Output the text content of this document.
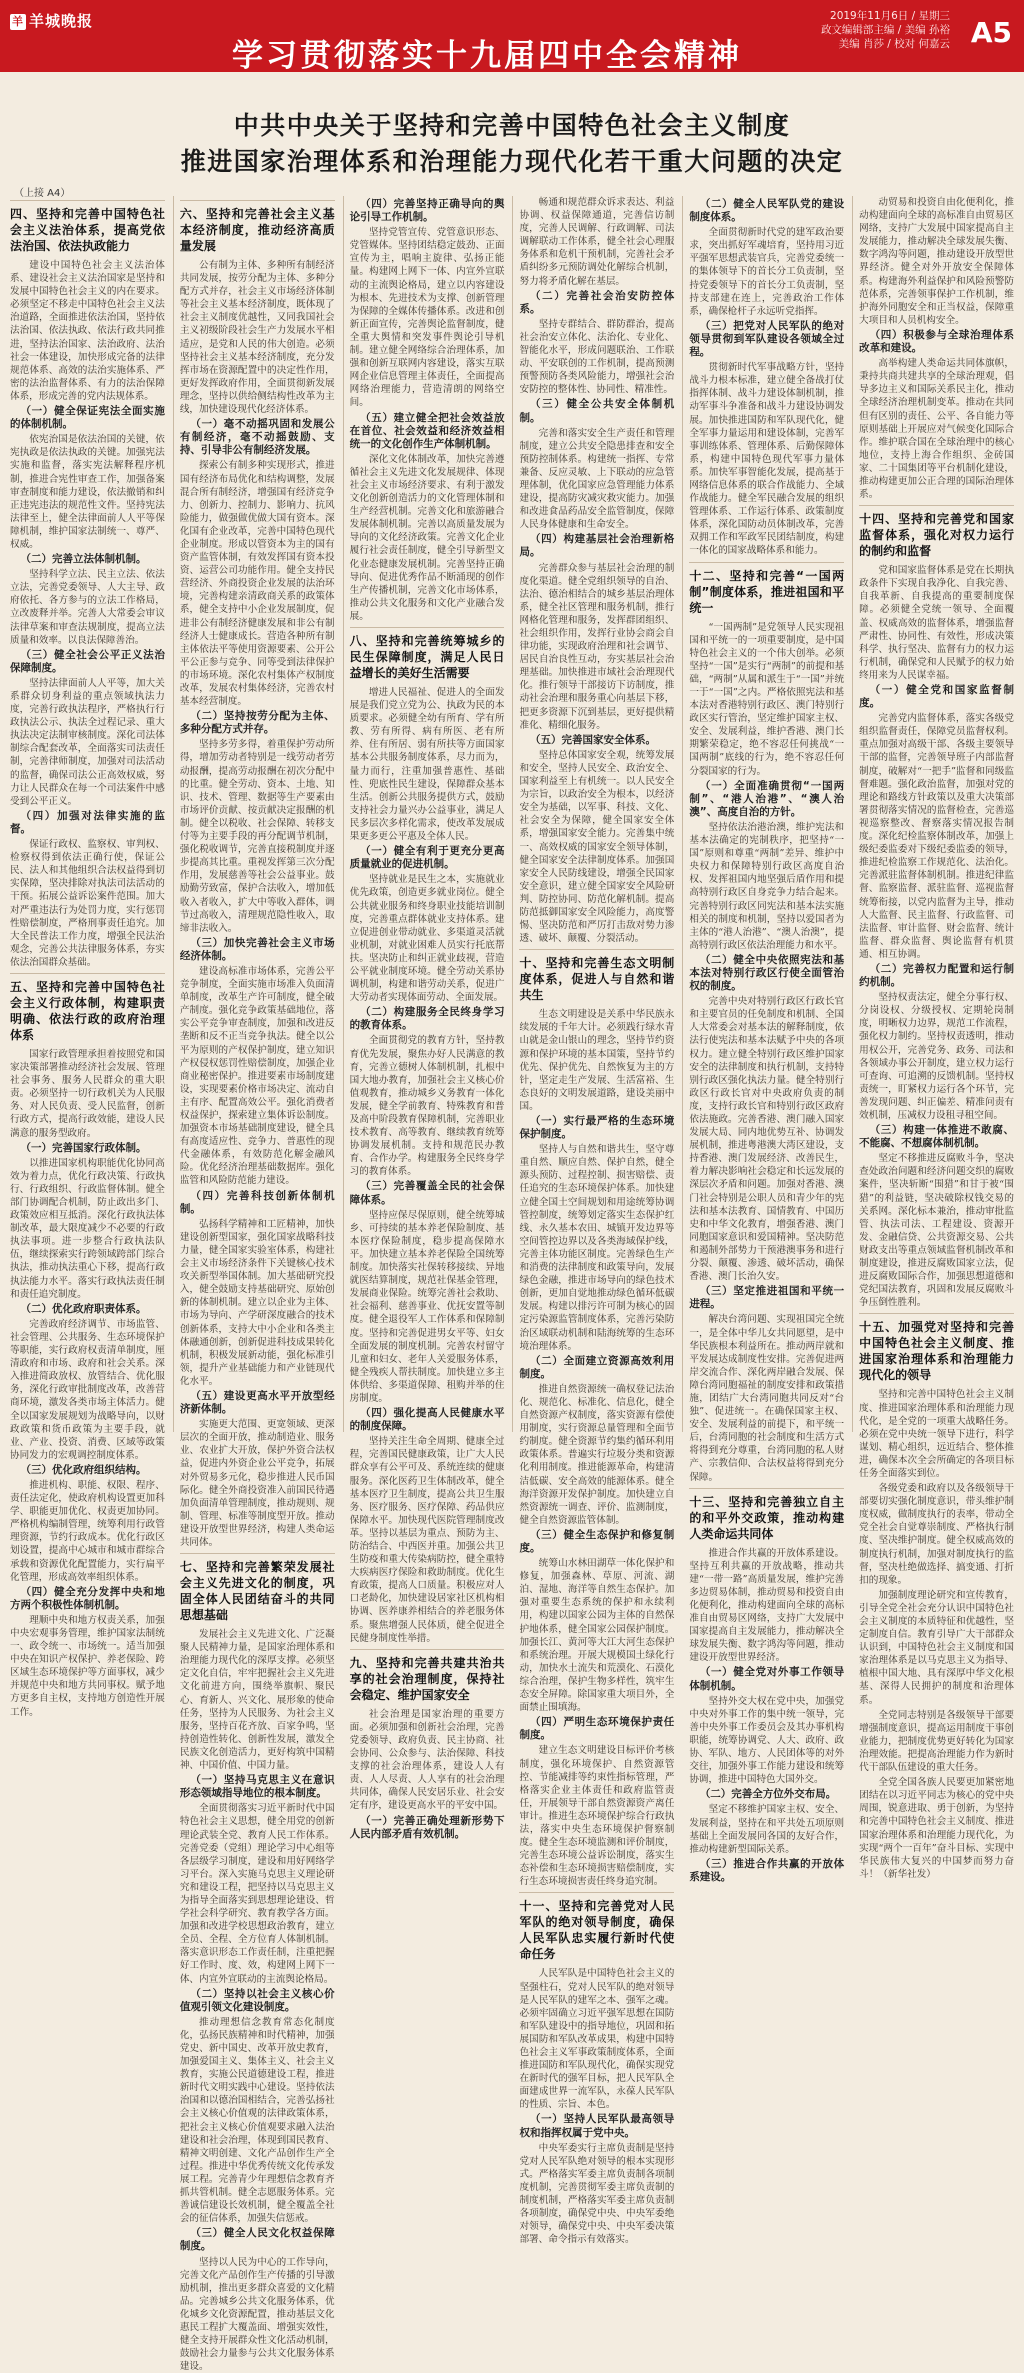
羊 羊城晚报
学习贯彻落实十九届四中全会精神
2019年11月6日 / 星期三
政文编辑部主编 / 美编 孙裕
美编 肖莎 / 校对 何嘉云 A5
中共中央关于坚持和完善中国特色社会主义制度
推进国家治理体系和治理能力现代化若干重大问题的决定
（上接 A4）
四、坚持和完善中国特色社会主义法治体系，提高党依法治国、依法执政能力
建设中国特色社会主义法治体系、建设社会主义法治国家是坚持和发展中国特色社会主义的内在要求。必须坚定不移走中国特色社会主义法治道路，全面推进依法治国，坚持依法治国、依法执政、依法行政共同推进，坚持法治国家、法治政府、法治社会一体建设，加快形成完备的法律规范体系、高效的法治实施体系、严密的法治监督体系、有力的法治保障体系，形成完善的党内法规体系。
（一）健全保证宪法全面实施的体制机制。
依宪治国是依法治国的关键，依宪执政是依法执政的关键。加强宪法实施和监督，落实宪法解释程序机制，推进合宪性审查工作，加强备案审查制度和能力建设，依法撤销和纠正违宪违法的规范性文件。坚持宪法法律至上，健全法律面前人人平等保障机制，维护国家法制统一、尊严、权威。
（二）完善立法体制机制。
坚持科学立法、民主立法、依法立法，完善党委领导、人大主导、政府依托、各方参与的立法工作格局，立改废释并举。完善人大常委会审议法律草案和审查法规制度，提高立法质量和效率。以良法保障善治。
（三）健全社会公平正义法治保障制度。
坚持法律面前人人平等，加大关系群众切身利益的重点领域执法力度，完善行政执法程序，严格执行行政执法公示、执法全过程记录、重大执法决定法制审核制度。深化司法体制综合配套改革，全面落实司法责任制，完善律师制度，加强对司法活动的监督，确保司法公正高效权威，努力让人民群众在每一个司法案件中感受到公平正义。
（四）加强对法律实施的监督。
保证行政权、监察权、审判权、检察权得到依法正确行使，保证公民、法人和其他组织合法权益得到切实保障，坚决排除对执法司法活动的干预。拓展公益诉讼案件范围。加大对严重违法行为处罚力度，实行惩罚性赔偿制度，严格刑事责任追究。加大全民普法工作力度，增强全民法治观念，完善公共法律服务体系，夯实依法治国群众基础。
五、坚持和完善中国特色社会主义行政体制，构建职责明确、依法行政的政府治理体系
国家行政管理承担着按照党和国家决策部署推动经济社会发展、管理社会事务、服务人民群众的重大职责。必须坚持一切行政机关为人民服务、对人民负责、受人民监督，创新行政方式，提高行政效能，建设人民满意的服务型政府。
（一）完善国家行政体制。
以推进国家机构职能优化协同高效为着力点，优化行政决策、行政执行、行政组织、行政监督体制。健全部门协调配合机制，防止政出多门、政策效应相互抵消。深化行政执法体制改革，最大限度减少不必要的行政执法事项。进一步整合行政执法队伍，继续探索实行跨领域跨部门综合执法，推动执法重心下移，提高行政执法能力水平。落实行政执法责任制和责任追究制度。
（二）优化政府职责体系。
完善政府经济调节、市场监管、社会管理、公共服务、生态环境保护等职能，实行政府权责清单制度，厘清政府和市场、政府和社会关系。深入推进简政放权、放管结合、优化服务，深化行政审批制度改革，改善营商环境，激发各类市场主体活力。健全以国家发展规划为战略导向，以财政政策和货币政策为主要手段，就业、产业、投资、消费、区域等政策协同发力的宏观调控制度体系。
（三）优化政府组织结构。
推进机构、职能、权限、程序、责任法定化，使政府机构设置更加科学、职能更加优化、权责更加协同。严格机构编制管理，统筹利用行政管理资源，节约行政成本。优化行政区划设置，提高中心城市和城市群综合承载和资源优化配置能力，实行扁平化管理，形成高效率组织体系。
（四）健全充分发挥中央和地方两个积极性体制机制。
理顺中央和地方权责关系，加强中央宏观事务管理，维护国家法制统一、政令统一、市场统一。适当加强中央在知识产权保护、养老保险、跨区域生态环境保护等方面事权，减少并规范中央和地方共同事权。赋予地方更多自主权，支持地方创造性开展工作。
六、坚持和完善社会主义基本经济制度，推动经济高质量发展
公有制为主体、多种所有制经济共同发展，按劳分配为主体、多种分配方式并存，社会主义市场经济体制等社会主义基本经济制度，既体现了社会主义制度优越性，又同我国社会主义初级阶段社会生产力发展水平相适应，是党和人民的伟大创造。必须坚持社会主义基本经济制度，充分发挥市场在资源配置中的决定性作用，更好发挥政府作用，全面贯彻新发展理念，坚持以供给侧结构性改革为主线，加快建设现代化经济体系。
（一）毫不动摇巩固和发展公有制经济，毫不动摇鼓励、支持、引导非公有制经济发展。
探索公有制多种实现形式，推进国有经济布局优化和结构调整，发展混合所有制经济，增强国有经济竞争力、创新力、控制力、影响力、抗风险能力，做强做优做大国有资本。深化国有企业改革，完善中国特色现代企业制度。形成以管资本为主的国有资产监管体制，有效发挥国有资本投资、运营公司功能作用。健全支持民营经济、外商投资企业发展的法治环境，完善构建亲清政商关系的政策体系，健全支持中小企业发展制度，促进非公有制经济健康发展和非公有制经济人士健康成长。营造各种所有制主体依法平等使用资源要素、公开公平公正参与竞争、同等受到法律保护的市场环境。深化农村集体产权制度改革，发展农村集体经济，完善农村基本经营制度。
（二）坚持按劳分配为主体、多种分配方式并存。
坚持多劳多得，着重保护劳动所得，增加劳动者特别是一线劳动者劳动报酬，提高劳动报酬在初次分配中的比重。健全劳动、资本、土地、知识、技术、管理、数据等生产要素由市场评价贡献、按贡献决定报酬的机制。健全以税收、社会保障、转移支付等为主要手段的再分配调节机制，强化税收调节，完善直接税制度并逐步提高其比重。重视发挥第三次分配作用，发展慈善等社会公益事业。鼓励勤劳致富，保护合法收入，增加低收入者收入，扩大中等收入群体，调节过高收入，清理规范隐性收入，取缔非法收入。
（三）加快完善社会主义市场经济体制。
建设高标准市场体系，完善公平竞争制度，全面实施市场准入负面清单制度，改革生产许可制度，健全破产制度。强化竞争政策基础地位，落实公平竞争审查制度，加强和改进反垄断和反不正当竞争执法。健全以公平为原则的产权保护制度，建立知识产权侵权惩罚性赔偿制度，加强企业商业秘密保护。推进要素市场制度建设，实现要素价格市场决定、流动自主有序、配置高效公平。强化消费者权益保护，探索建立集体诉讼制度。加强资本市场基础制度建设，健全具有高度适应性、竞争力、普惠性的现代金融体系，有效防范化解金融风险。优化经济治理基础数据库。强化监管和风险防范能力建设。
（四）完善科技创新体制机制。
弘扬科学精神和工匠精神，加快建设创新型国家，强化国家战略科技力量，健全国家实验室体系，构建社会主义市场经济条件下关键核心技术攻关新型举国体制。加大基础研究投入，健全鼓励支持基础研究、原始创新的体制机制。建立以企业为主体、市场为导向、产学研深度融合的技术创新体系，支持大中小企业和各类主体融通创新，创新促进科技成果转化机制，积极发展新动能，强化标准引领，提升产业基础能力和产业链现代化水平。
（五）建设更高水平开放型经济新体制。
实施更大范围、更宽领域、更深层次的全面开放，推动制造业、服务业、农业扩大开放，保护外资合法权益，促进内外资企业公平竞争，拓展对外贸易多元化，稳步推进人民币国际化。健全外商投资准入前国民待遇加负面清单管理制度，推动规则、规制、管理、标准等制度型开放。推动建设开放型世界经济，构建人类命运共同体。
七、坚持和完善繁荣发展社会主义先进文化的制度，巩固全体人民团结奋斗的共同思想基础
发展社会主义先进文化、广泛凝聚人民精神力量，是国家治理体系和治理能力现代化的深厚支撑。必须坚定文化自信，牢牢把握社会主义先进文化前进方向，围绕举旗帜、聚民心、育新人、兴文化、展形象的使命任务，坚持为人民服务、为社会主义服务，坚持百花齐放、百家争鸣，坚持创造性转化、创新性发展，激发全民族文化创造活力，更好构筑中国精神、中国价值、中国力量。
（一）坚持马克思主义在意识形态领域指导地位的根本制度。
全面贯彻落实习近平新时代中国特色社会主义思想，健全用党的创新理论武装全党、教育人民工作体系。完善党委（党组）理论学习中心组等各层级学习制度，建设和用好网络学习平台。深入实施马克思主义理论研究和建设工程，把坚持以马克思主义为指导全面落实到思想理论建设、哲学社会科学研究、教育教学各方面。加强和改进学校思想政治教育，建立全员、全程、全方位育人体制机制。落实意识形态工作责任制，注重把握好工作时、度、效，构建网上网下一体、内宣外宣联动的主流舆论格局。
（二）坚持以社会主义核心价值观引领文化建设制度。
推动理想信念教育常态化制度化，弘扬民族精神和时代精神，加强党史、新中国史、改革开放史教育，加强爱国主义、集体主义、社会主义教育，实施公民道德建设工程，推进新时代文明实践中心建设。坚持依法治国和以德治国相结合，完善弘扬社会主义核心价值观的法律政策体系，把社会主义核心价值观要求融入法治建设和社会治理，体现到国民教育、精神文明创建、文化产品创作生产全过程。推进中华优秀传统文化传承发展工程。完善青少年理想信念教育齐抓共管机制。健全志愿服务体系。完善诚信建设长效机制，健全覆盖全社会的征信体系，加强失信惩戒。
（三）健全人民文化权益保障制度。
坚持以人民为中心的工作导向，完善文化产品创作生产传播的引导激励机制，推出更多群众喜爱的文化精品。完善城乡公共文化服务体系，优化城乡文化资源配置，推动基层文化惠民工程扩大覆盖面、增强实效性，健全支持开展群众性文化活动机制，鼓励社会力量参与公共文化服务体系建设。
（四）完善坚持正确导向的舆论引导工作机制。
坚持党管宣传、党管意识形态、党管媒体。坚持团结稳定鼓劲、正面宣传为主，唱响主旋律、弘扬正能量。构建网上网下一体、内宣外宣联动的主流舆论格局，建立以内容建设为根本、先进技术为支撑、创新管理为保障的全媒体传播体系。改进和创新正面宣传，完善舆论监督制度，健全重大舆情和突发事件舆论引导机制。建立健全网络综合治理体系，加强和创新互联网内容建设，落实互联网企业信息管理主体责任，全面提高网络治理能力，营造清朗的网络空间。
（五）建立健全把社会效益放在首位、社会效益和经济效益相统一的文化创作生产体制机制。
深化文化体制改革，加快完善遵循社会主义先进文化发展规律、体现社会主义市场经济要求、有利于激发文化创新创造活力的文化管理体制和生产经营机制。完善文化和旅游融合发展体制机制。完善以高质量发展为导向的文化经济政策。完善文化企业履行社会责任制度，健全引导新型文化业态健康发展机制。完善坚持正确导向、促进优秀作品不断涌现的创作生产传播机制，完善文化市场体系，推动公共文化服务和文化产业融合发展。
八、坚持和完善统筹城乡的民生保障制度，满足人民日益增长的美好生活需要
增进人民福祉、促进人的全面发展是我们党立党为公、执政为民的本质要求。必须健全幼有所育、学有所教、劳有所得、病有所医、老有所养、住有所居、弱有所扶等方面国家基本公共服务制度体系，尽力而为，量力而行，注重加强普惠性、基础性、兜底性民生建设，保障群众基本生活。创新公共服务提供方式，鼓励支持社会力量兴办公益事业，满足人民多层次多样化需求，使改革发展成果更多更公平惠及全体人民。
（一）健全有利于更充分更高质量就业的促进机制。
坚持就业是民生之本，实施就业优先政策，创造更多就业岗位。健全公共就业服务和终身职业技能培训制度，完善重点群体就业支持体系。建立促进创业带动就业、多渠道灵活就业机制，对就业困难人员实行托底帮扶。坚决防止和纠正就业歧视，营造公平就业制度环境。健全劳动关系协调机制，构建和谐劳动关系，促进广大劳动者实现体面劳动、全面发展。
（二）构建服务全民终身学习的教育体系。
全面贯彻党的教育方针，坚持教育优先发展，聚焦办好人民满意的教育，完善立德树人体制机制，扎根中国大地办教育，加强社会主义核心价值观教育，推动城乡义务教育一体化发展，健全学前教育、特殊教育和普及高中阶段教育保障机制，完善职业技术教育、高等教育、继续教育统筹协调发展机制。支持和规范民办教育、合作办学。构建服务全民终身学习的教育体系。
（三）完善覆盖全民的社会保障体系。
坚持应保尽保原则，健全统筹城乡、可持续的基本养老保险制度、基本医疗保险制度，稳步提高保障水平。加快建立基本养老保险全国统筹制度。加快落实社保转移接续、异地就医结算制度，规范社保基金管理，发展商业保险。统筹完善社会救助、社会福利、慈善事业、优抚安置等制度。健全退役军人工作体系和保障制度。坚持和完善促进男女平等、妇女全面发展的制度机制。完善农村留守儿童和妇女、老年人关爱服务体系，健全残疾人帮扶制度。加快建立多主体供给、多渠道保障、租购并举的住房制度。
（四）强化提高人民健康水平的制度保障。
坚持关注生命全周期、健康全过程，完善国民健康政策，让广大人民群众享有公平可及、系统连续的健康服务。深化医药卫生体制改革，健全基本医疗卫生制度，提高公共卫生服务、医疗服务、医疗保障、药品供应保障水平。加快现代医院管理制度改革。坚持以基层为重点、预防为主、防治结合、中西医并重。加强公共卫生防疫和重大传染病防控，健全重特大疾病医疗保险和救助制度。优化生育政策，提高人口质量。积极应对人口老龄化，加快建设居家社区机构相协调、医养康养相结合的养老服务体系。聚焦增强人民体质，健全促进全民健身制度性举措。
九、坚持和完善共建共治共享的社会治理制度，保持社会稳定、维护国家安全
社会治理是国家治理的重要方面。必须加强和创新社会治理，完善党委领导、政府负责、民主协商、社会协同、公众参与、法治保障、科技支撑的社会治理体系，建设人人有责、人人尽责、人人享有的社会治理共同体，确保人民安居乐业、社会安定有序，建设更高水平的平安中国。
（一）完善正确处理新形势下人民内部矛盾有效机制。
畅通和规范群众诉求表达、利益协调、权益保障通道，完善信访制度，完善人民调解、行政调解、司法调解联动工作体系，健全社会心理服务体系和危机干预机制，完善社会矛盾纠纷多元预防调处化解综合机制，努力将矛盾化解在基层。
（二）完善社会治安防控体系。
坚持专群结合、群防群治，提高社会治安立体化、法治化、专业化、智能化水平，形成问题联治、工作联动、平安联创的工作机制，提高预测预警预防各类风险能力，增强社会治安防控的整体性、协同性、精准性。
（三）健全公共安全体制机制。
完善和落实安全生产责任和管理制度，建立公共安全隐患排查和安全预防控制体系。构建统一指挥、专常兼备、反应灵敏、上下联动的应急管理体制，优化国家应急管理能力体系建设，提高防灾减灾救灾能力。加强和改进食品药品安全监管制度，保障人民身体健康和生命安全。
（四）构建基层社会治理新格局。
完善群众参与基层社会治理的制度化渠道。健全党组织领导的自治、法治、德治相结合的城乡基层治理体系，健全社区管理和服务机制，推行网格化管理和服务，发挥群团组织、社会组织作用，发挥行业协会商会自律功能，实现政府治理和社会调节、居民自治良性互动，夯实基层社会治理基础。加快推进市域社会治理现代化。推行领导干部接访下访制度，推动社会治理和服务重心向基层下移，把更多资源下沉到基层，更好提供精准化、精细化服务。
（五）完善国家安全体系。
坚持总体国家安全观，统筹发展和安全，坚持人民安全、政治安全、国家利益至上有机统一。以人民安全为宗旨，以政治安全为根本，以经济安全为基础，以军事、科技、文化、社会安全为保障，健全国家安全体系，增强国家安全能力。完善集中统一、高效权威的国家安全领导体制，健全国家安全法律制度体系。加强国家安全人民防线建设，增强全民国家安全意识，建立健全国家安全风险研判、防控协同、防范化解机制。提高防范抵御国家安全风险能力，高度警惕、坚决防范和严厉打击敌对势力渗透、破坏、颠覆、分裂活动。
十、坚持和完善生态文明制度体系，促进人与自然和谐共生
生态文明建设是关系中华民族永续发展的千年大计。必须践行绿水青山就是金山银山的理念，坚持节约资源和保护环境的基本国策，坚持节约优先、保护优先、自然恢复为主的方针，坚定走生产发展、生活富裕、生态良好的文明发展道路，建设美丽中国。
（一）实行最严格的生态环境保护制度。
坚持人与自然和谐共生，坚守尊重自然、顺应自然、保护自然，健全源头预防、过程控制、损害赔偿、责任追究的生态环境保护体系。加快建立健全国土空间规划和用途统筹协调管控制度，统筹划定落实生态保护红线、永久基本农田、城镇开发边界等空间管控边界以及各类海域保护线，完善主体功能区制度。完善绿色生产和消费的法律制度和政策导向，发展绿色金融，推进市场导向的绿色技术创新，更加自觉地推动绿色循环低碳发展。构建以排污许可制为核心的固定污染源监管制度体系，完善污染防治区域联动机制和陆海统筹的生态环境治理体系。
（二）全面建立资源高效利用制度。
推进自然资源统一确权登记法治化、规范化、标准化、信息化，健全自然资源产权制度，落实资源有偿使用制度，实行资源总量管理和全面节约制度。健全资源节约集约循环利用政策体系。普遍实行垃圾分类和资源化利用制度。推进能源革命，构建清洁低碳、安全高效的能源体系。健全海洋资源开发保护制度。加快建立自然资源统一调查、评价、监测制度，健全自然资源监管体制。
（三）健全生态保护和修复制度。
统筹山水林田湖草一体化保护和修复，加强森林、草原、河流、湖泊、湿地、海洋等自然生态保护。加强对重要生态系统的保护和永续利用，构建以国家公园为主体的自然保护地体系，健全国家公园保护制度。加强长江、黄河等大江大河生态保护和系统治理。开展大规模国土绿化行动，加快水土流失和荒漠化、石漠化综合治理，保护生物多样性，筑牢生态安全屏障。除国家重大项目外，全面禁止围填海。
（四）严明生态环境保护责任制度。
建立生态文明建设目标评价考核制度，强化环境保护、自然资源管控、节能减排等约束性指标管理，严格落实企业主体责任和政府监管责任，开展领导干部自然资源资产离任审计。推进生态环境保护综合行政执法，落实中央生态环境保护督察制度。健全生态环境监测和评价制度，完善生态环境公益诉讼制度，落实生态补偿和生态环境损害赔偿制度，实行生态环境损害责任终身追究制。
十一、坚持和完善党对人民军队的绝对领导制度，确保人民军队忠实履行新时代使命任务
人民军队是中国特色社会主义的坚强柱石，党对人民军队的绝对领导是人民军队的建军之本、强军之魂。必须牢固确立习近平强军思想在国防和军队建设中的指导地位，巩固和拓展国防和军队改革成果，构建中国特色社会主义军事政策制度体系，全面推进国防和军队现代化，确保实现党在新时代的强军目标，把人民军队全面建成世界一流军队，永葆人民军队的性质、宗旨、本色。
（一）坚持人民军队最高领导权和指挥权属于党中央。
中央军委实行主席负责制是坚持党对人民军队绝对领导的根本实现形式。严格落实军委主席负责制各项制度机制，完善贯彻军委主席负责制的制度机制，严格落实军委主席负责制各项制度，确保党中央、中央军委绝对领导，确保党中央、中央军委决策部署、命令指示有效落实。
（二）健全人民军队党的建设制度体系。
全面贯彻新时代党的建军政治要求，突出抓好军魂培育，坚持用习近平强军思想武装官兵，完善党委统一的集体领导下的首长分工负责制，坚持党委领导下的首长分工负责制，坚持支部建在连上，完善政治工作体系，确保枪杆子永远听党指挥。
（三）把党对人民军队的绝对领导贯彻到军队建设各领域全过程。
贯彻新时代军事战略方针，坚持战斗力根本标准，建立健全备战打仗指挥体制、战斗力建设体制机制，推动军事斗争准备和战斗力建设协调发展。加快推进国防和军队现代化，健全军事力量运用和建设体制，完善军事训练体系、管理体系、后勤保障体系，构建中国特色现代军事力量体系。加快军事智能化发展，提高基于网络信息体系的联合作战能力、全域作战能力。健全军民融合发展的组织管理体系、工作运行体系、政策制度体系，深化国防动员体制改革，完善双拥工作和军政军民团结制度，构建一体化的国家战略体系和能力。
十二、坚持和完善“一国两制”制度体系，推进祖国和平统一
“一国两制”是党领导人民实现祖国和平统一的一项重要制度，是中国特色社会主义的一个伟大创举。必须坚持“一国”是实行“两制”的前提和基础，“两制”从属和派生于“一国”并统一于“一国”之内。严格依照宪法和基本法对香港特别行政区、澳门特别行政区实行管治，坚定维护国家主权、安全、发展利益，维护香港、澳门长期繁荣稳定，绝不容忍任何挑战“一国两制”底线的行为，绝不容忍任何分裂国家的行为。
（一）全面准确贯彻“一国两制”、“港人治港”、“澳人治澳”、高度自治的方针。
坚持依法治港治澳，维护宪法和基本法确定的宪制秩序，把坚持“一国”原则和尊重“两制”差异、维护中央权力和保障特别行政区高度自治权、发挥祖国内地坚强后盾作用和提高特别行政区自身竞争力结合起来。完善特别行政区同宪法和基本法实施相关的制度和机制，坚持以爱国者为主体的“港人治港”、“澳人治澳”，提高特别行政区依法治理能力和水平。
（二）健全中央依照宪法和基本法对特别行政区行使全面管治权的制度。
完善中央对特别行政区行政长官和主要官员的任免制度和机制、全国人大常委会对基本法的解释制度，依法行使宪法和基本法赋予中央的各项权力。建立健全特别行政区维护国家安全的法律制度和执行机制，支持特别行政区强化执法力量。健全特别行政区行政长官对中央政府负责的制度，支持行政长官和特别行政区政府依法施政。完善香港、澳门融入国家发展大局、同内地优势互补、协调发展机制，推进粤港澳大湾区建设，支持香港、澳门发展经济、改善民生，着力解决影响社会稳定和长远发展的深层次矛盾和问题。加强对香港、澳门社会特别是公职人员和青少年的宪法和基本法教育、国情教育、中国历史和中华文化教育，增强香港、澳门同胞国家意识和爱国精神。坚决防范和遏制外部势力干预港澳事务和进行分裂、颠覆、渗透、破坏活动，确保香港、澳门长治久安。
（三）坚定推进祖国和平统一进程。
解决台湾问题、实现祖国完全统一，是全体中华儿女共同愿望，是中华民族根本利益所在。推动两岸就和平发展达成制度性安排。完善促进两岸交流合作、深化两岸融合发展、保障台湾同胞福祉的制度安排和政策措施，团结广大台湾同胞共同反对“台独”、促进统一。在确保国家主权、安全、发展利益的前提下，和平统一后，台湾同胞的社会制度和生活方式将得到充分尊重，台湾同胞的私人财产、宗教信仰、合法权益将得到充分保障。
十三、坚持和完善独立自主的和平外交政策，推动构建人类命运共同体
推进合作共赢的开放体系建设。坚持互利共赢的开放战略，推动共建“一带一路”高质量发展，维护完善多边贸易体制，推动贸易和投资自由化便利化，推动构建面向全球的高标准自由贸易区网络，支持广大发展中国家提高自主发展能力，推动解决全球发展失衡、数字鸿沟等问题，推动建设开放型世界经济。
（一）健全党对外事工作领导体制机制。
坚持外交大权在党中央，加强党中央对外事工作的集中统一领导，完善中央外事工作委员会及其办事机构职能，统筹协调党、人大、政府、政协、军队、地方、人民团体等的对外交往，加强外事工作能力建设和统筹协调，推进中国特色大国外交。
（二）完善全方位外交布局。
坚定不移维护国家主权、安全、发展利益，坚持在和平共处五项原则基础上全面发展同各国的友好合作，推动构建新型国际关系。
（三）推进合作共赢的开放体系建设。
动贸易和投资自由化便利化，推动构建面向全球的高标准自由贸易区网络，支持广大发展中国家提高自主发展能力，推动解决全球发展失衡、数字鸿沟等问题，推动建设开放型世界经济。健全对外开放安全保障体系。构建海外利益保护和风险预警防范体系，完善领事保护工作机制，维护海外同胞安全和正当权益，保障重大项目和人员机构安全。
（四）积极参与全球治理体系改革和建设。
高举构建人类命运共同体旗帜，秉持共商共建共享的全球治理观，倡导多边主义和国际关系民主化，推动全球经济治理机制变革。推动在共同但有区别的责任、公平、各自能力等原则基础上开展应对气候变化国际合作。维护联合国在全球治理中的核心地位，支持上海合作组织、金砖国家、二十国集团等平台机制化建设，推动构建更加公正合理的国际治理体系。
十四、坚持和完善党和国家监督体系，强化对权力运行的制约和监督
党和国家监督体系是党在长期执政条件下实现自我净化、自我完善、自我革新、自我提高的重要制度保障。必须健全党统一领导、全面覆盖、权威高效的监督体系，增强监督严肃性、协同性、有效性，形成决策科学、执行坚决、监督有力的权力运行机制，确保党和人民赋予的权力始终用来为人民谋幸福。
（一）健全党和国家监督制度。
完善党内监督体系，落实各级党组织监督责任，保障党员监督权利。重点加强对高级干部、各级主要领导干部的监督，完善领导班子内部监督制度，破解对“一把手”监督和同级监督难题。强化政治监督，加强对党的理论和路线方针政策以及重大决策部署贯彻落实情况的监督检查，完善巡视巡察整改、督察落实情况报告制度。深化纪检监察体制改革，加强上级纪委监委对下级纪委监委的领导，推进纪检监察工作规范化、法治化。完善派驻监督体制机制。推进纪律监督、监察监督、派驻监督、巡视监督统筹衔接，以党内监督为主导，推动人大监督、民主监督、行政监督、司法监督、审计监督、财会监督、统计监督、群众监督、舆论监督有机贯通、相互协调。
（二）完善权力配置和运行制约机制。
坚持权责法定，健全分事行权、分岗设权、分级授权、定期轮岗制度，明晰权力边界，规范工作流程，强化权力制约。坚持权责透明，推动用权公开，完善党务、政务、司法和各领域办事公开制度，建立权力运行可查询、可追溯的反馈机制。坚持权责统一，盯紧权力运行各个环节，完善发现问题、纠正偏差、精准问责有效机制，压减权力设租寻租空间。
（三）构建一体推进不敢腐、不能腐、不想腐体制机制。
坚定不移推进反腐败斗争，坚决查处政治问题和经济问题交织的腐败案件，坚决斩断“围猎”和甘于被“围猎”的利益链，坚决破除权钱交易的关系网。深化标本兼治，推动审批监管、执法司法、工程建设、资源开发、金融信贷、公共资源交易、公共财政支出等重点领域监督机制改革和制度建设，推进反腐败国家立法，促进反腐败国际合作，加强思想道德和党纪国法教育，巩固和发展反腐败斗争压倒性胜利。
十五、加强党对坚持和完善中国特色社会主义制度、推进国家治理体系和治理能力现代化的领导
坚持和完善中国特色社会主义制度、推进国家治理体系和治理能力现代化，是全党的一项重大战略任务。必须在党中央统一领导下进行，科学谋划、精心组织，远近结合、整体推进，确保本次全会所确定的各项目标任务全面落实到位。
各级党委和政府以及各级领导干部要切实强化制度意识，带头维护制度权威，做制度执行的表率，带动全党全社会自觉尊崇制度、严格执行制度、坚决维护制度。健全权威高效的制度执行机制，加强对制度执行的监督，坚决杜绝做选择、搞变通、打折扣的现象。
加强制度理论研究和宣传教育，引导全党全社会充分认识中国特色社会主义制度的本质特征和优越性，坚定制度自信。教育引导广大干部群众认识到，中国特色社会主义制度和国家治理体系是以马克思主义为指导、植根中国大地、具有深厚中华文化根基、深得人民拥护的制度和治理体系。
全党同志特别是各级领导干部要增强制度意识，提高运用制度干事创业能力，把制度优势更好转化为国家治理效能。把提高治理能力作为新时代干部队伍建设的重大任务。
全党全国各族人民要更加紧密地团结在以习近平同志为核心的党中央周围，锐意进取、勇于创新，为坚持和完善中国特色社会主义制度、推进国家治理体系和治理能力现代化，为实现“两个一百年”奋斗目标、实现中华民族伟大复兴的中国梦而努力奋斗！（新华社发）
